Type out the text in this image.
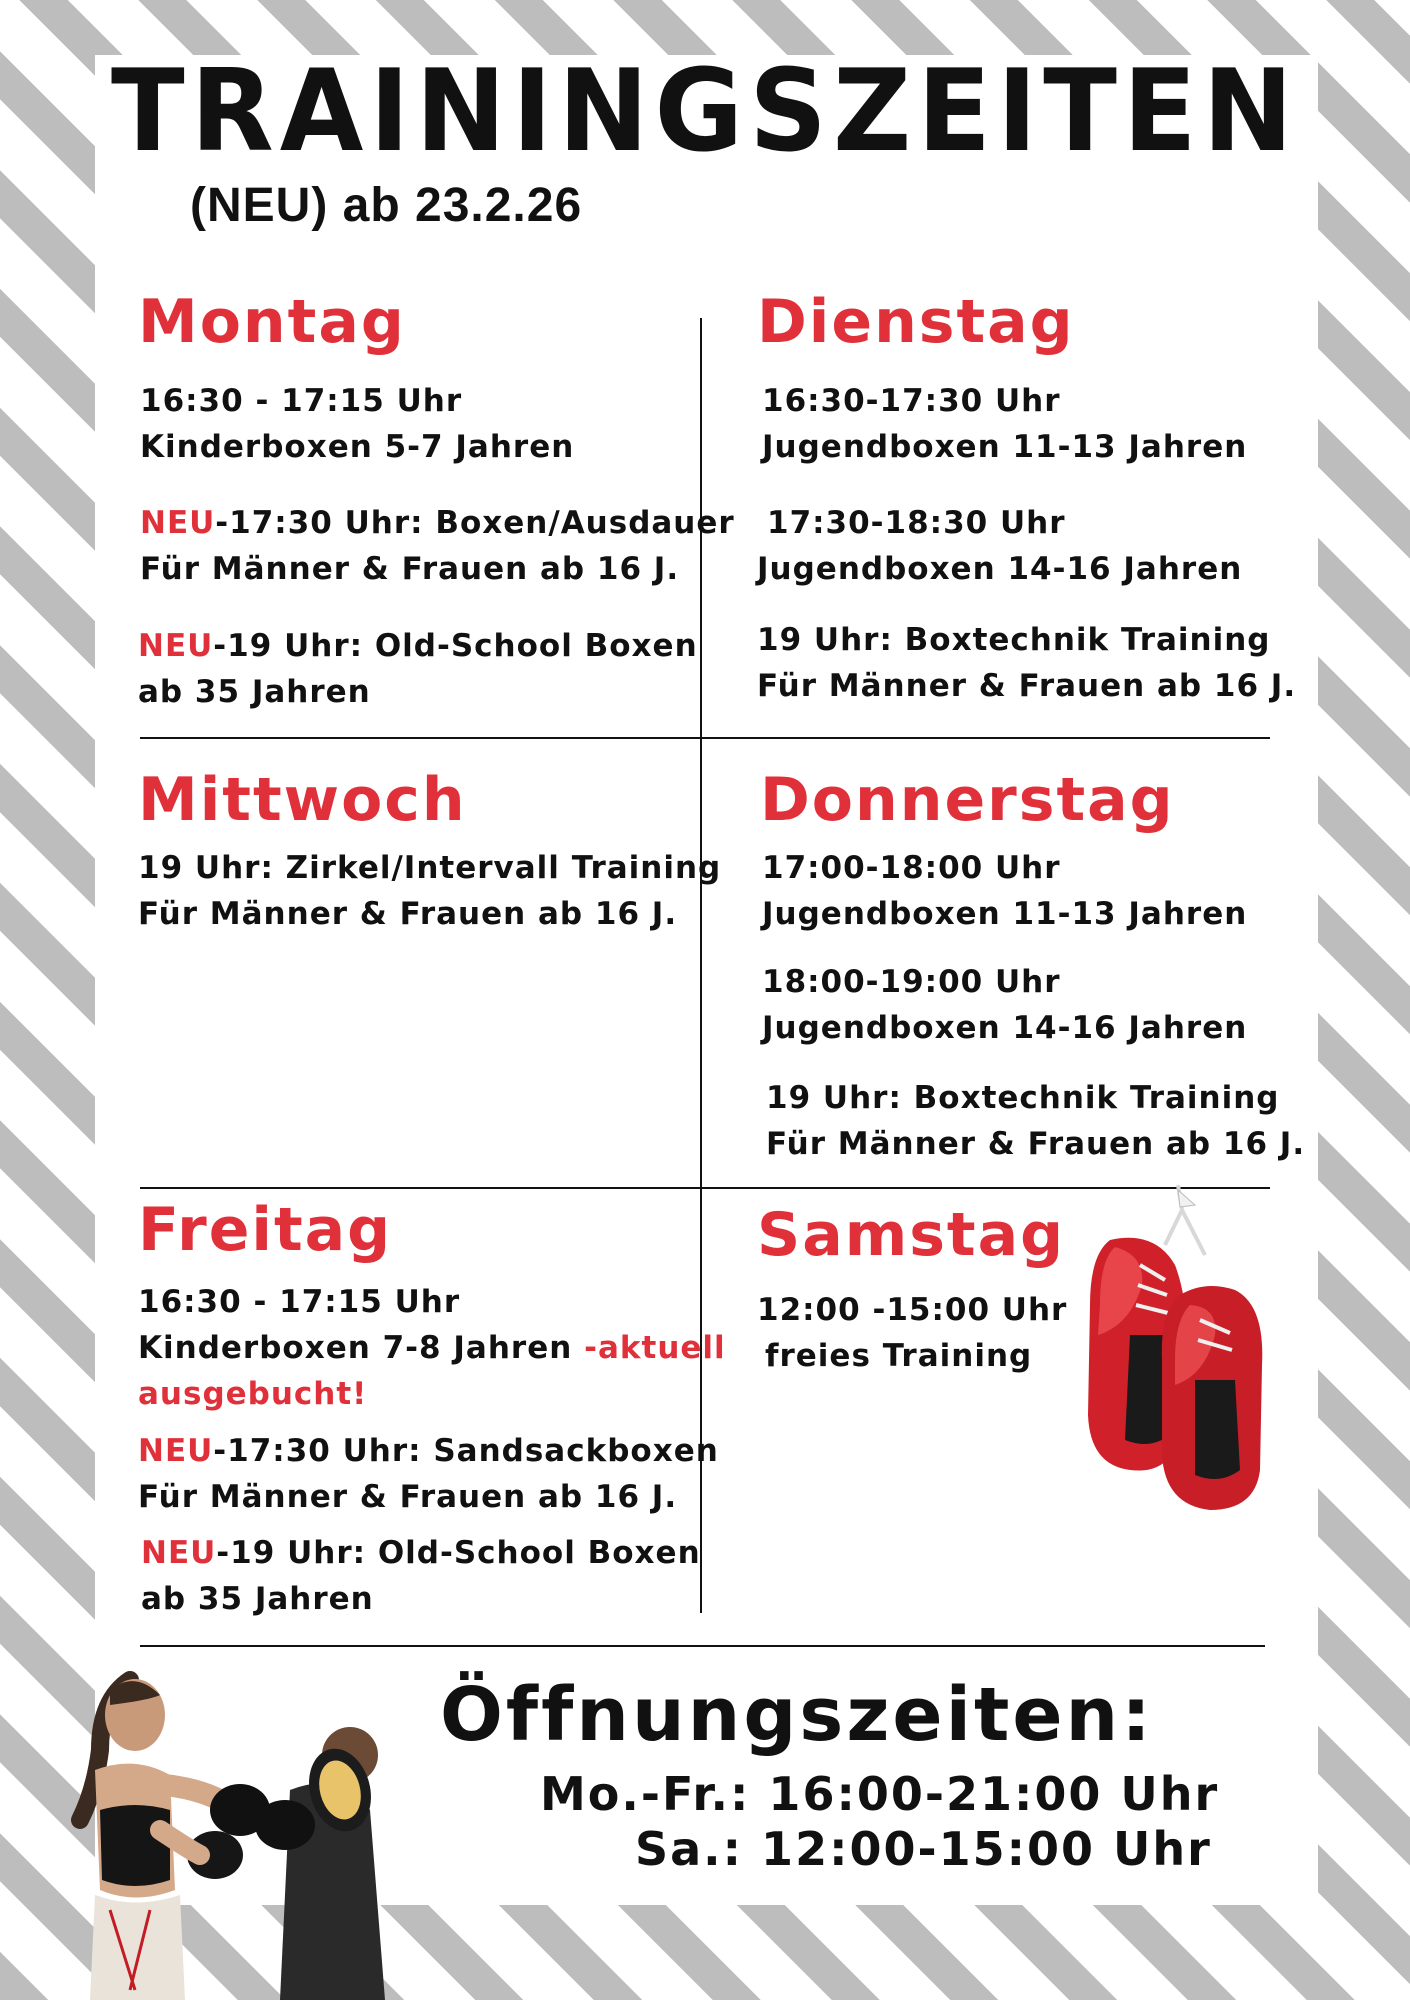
TRAININGSZEITEN
(NEU) ab 23.2.26
Montag
16:30 - 17:15 Uhr
Kinderboxen 5-7 Jahren
NEU-17:30 Uhr: Boxen/Ausdauer
Für Männer & Frauen ab 16 J.
NEU-19 Uhr: Old-School Boxen
ab 35 Jahren
Dienstag
16:30-17:30 Uhr
Jugendboxen 11-13 Jahren
17:30-18:30 Uhr
Jugendboxen 14-16 Jahren
19 Uhr: Boxtechnik Training
Für Männer & Frauen ab 16 J.
Mittwoch
19 Uhr: Zirkel/Intervall Training
Für Männer & Frauen ab 16 J.
Donnerstag
17:00-18:00 Uhr
Jugendboxen 11-13 Jahren
18:00-19:00 Uhr
Jugendboxen 14-16 Jahren
19 Uhr: Boxtechnik Training
Für Männer & Frauen ab 16 J.
Freitag
16:30 - 17:15 Uhr
Kinderboxen 7-8 Jahren -aktuell
ausgebucht!
NEU-17:30 Uhr: Sandsackboxen
Für Männer & Frauen ab 16 J.
NEU-19 Uhr: Old-School Boxen
ab 35 Jahren
Samstag
12:00 -15:00 Uhr
freies Training
Öffnungszeiten:
Mo.-Fr.: 16:00-21:00 Uhr
Sa.: 12:00-15:00 Uhr
